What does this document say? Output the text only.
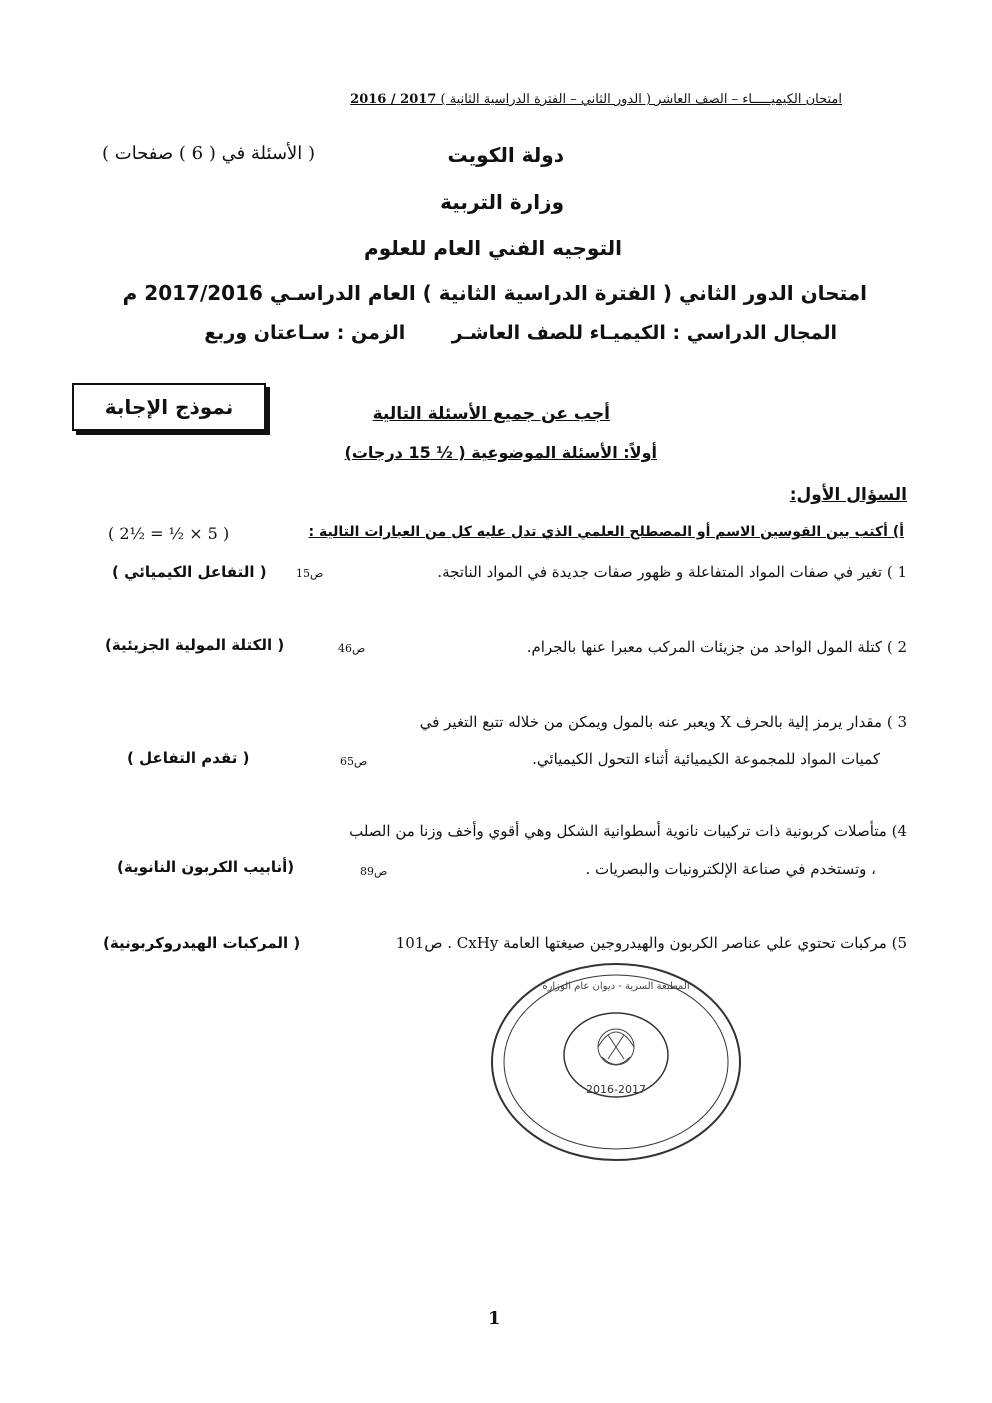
امتحان الكيميـــــاء – الصف العاشر ( الدور الثاني – الفترة الدراسية الثانية ) 2017 / 2016
دولة الكويت
( الأسئلة في ( 6 ) صفحات )
وزارة التربية
التوجيه الفني العام للعلوم
امتحان الدور الثاني ( الفترة الدراسية الثانية ) العام الدراسـي 2017/2016 م
المجال الدراسي : الكيميـاء للصف العاشـر       الزمن : سـاعتان وربع
نموذج الإجابة	أجب عن جميع الأسئلة التالية
أولاً: الأسئلة الموضوعية ( ½ 15 درجات)
السؤال الأول:
أ) أكتب بين القوسين الاسم أو المصطلح العلمي الذي تدل عليه كل من العبارات التالية :
( 2½ = ½ × 5 )
1 ) تغير في صفات المواد المتفاعلة و ظهور صفات جديدة في المواد الناتجة.
ص15
( التفاعل الكيميائي )
2 ) كتلة المول الواحد من جزيئات المركب معبرا عنها بالجرام.
ص46
( الكتلة المولية الجزيئية)
3 ) مقدار يرمز إلية بالحرف X ويعبر عنه بالمول ويمكن من خلاله تتبع التغير في
كميات المواد للمجموعة الكيميائية أثناء التحول الكيميائي.
ص65
( تقدم التفاعل )
4) متأصلات كربونية ذات تركيبات نانوية أسطوانية الشكل وهي أقوي وأخف وزنا من الصلب
، وتستخدم في صناعة الإلكترونيات والبصريات .
ص89
(أنابيب الكربون النانوية)
5) مركبات تحتوي علي عناصر الكربون والهيدروجين صيغتها العامة CxHy . ص101
( المركبات الهيدروكربونية)
2016-2017
المطبعة السرية - ديوان عام الوزارة
1
